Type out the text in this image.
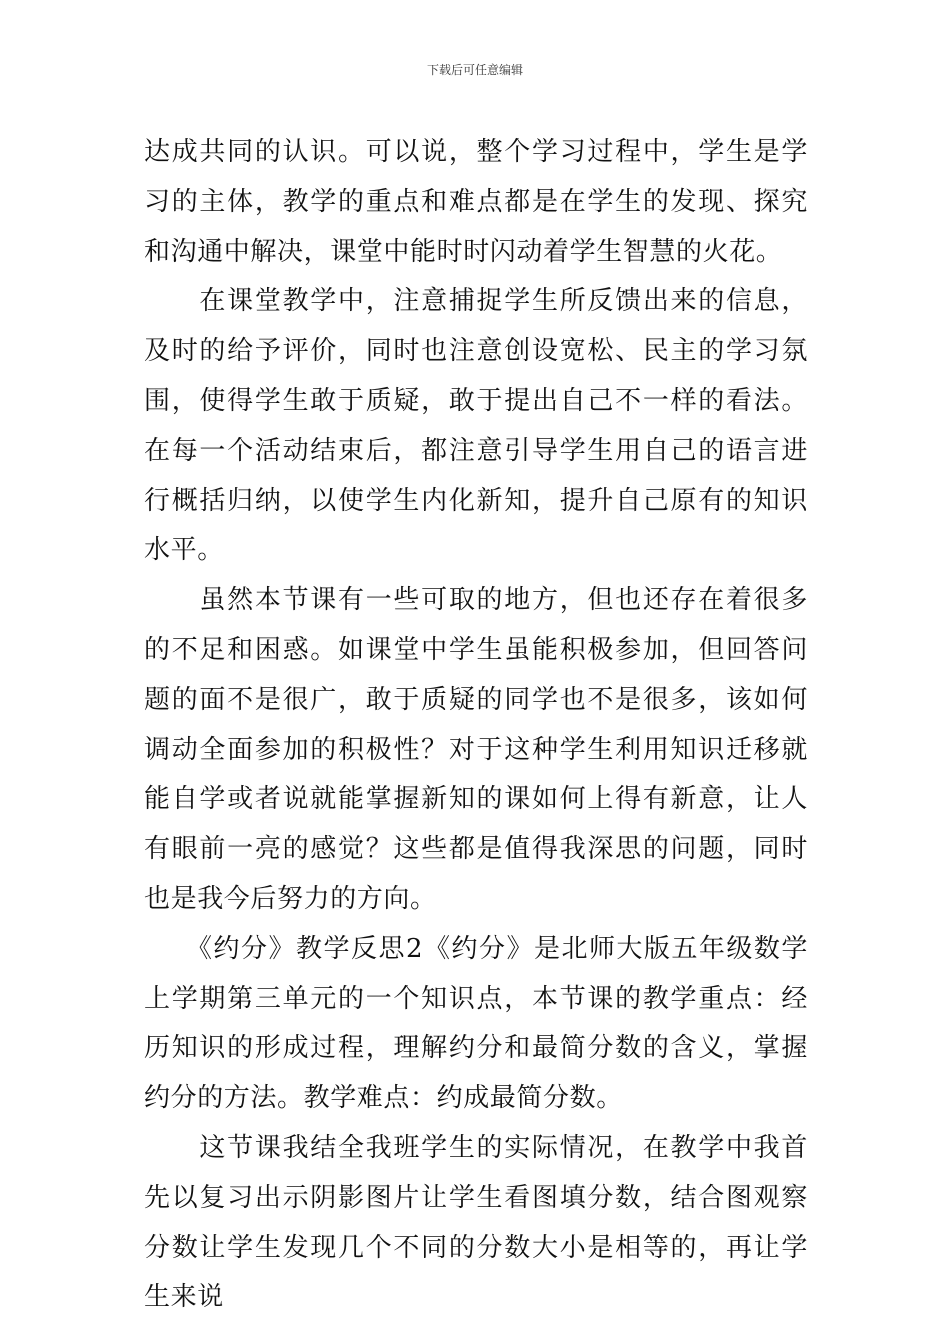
下载后可任意编辑

达成共同的认识。可以说，整个学习过程中，学生是学习的主体，教学的重点和难点都是在学生的发现、探究和沟通中解决，课堂中能时时闪动着学生智慧的火花。

　　在课堂教学中，注意捕捉学生所反馈出来的信息，及时的给予评价，同时也注意创设宽松、民主的学习氛围，使得学生敢于质疑，敢于提出自己不一样的看法。在每一个活动结束后，都注意引导学生用自己的语言进行概括归纳，以使学生内化新知，提升自己原有的知识水平。

　　虽然本节课有一些可取的地方，但也还存在着很多的不足和困惑。如课堂中学生虽能积极参加，但回答问题的面不是很广，敢于质疑的同学也不是很多，该如何调动全面参加的积极性？对于这种学生利用知识迁移就能自学或者说就能掌握新知的课如何上得有新意，让人有眼前一亮的感觉？这些都是值得我深思的问题，同时也是我今后努力的方向。

　　《约分》教学反思2《约分》是北师大版五年级数学上学期第三单元的一个知识点，本节课的教学重点：经历知识的形成过程，理解约分和最简分数的含义，掌握约分的方法。教学难点：约成最简分数。

　　这节课我结全我班学生的实际情况，在教学中我首先以复习出示阴影图片让学生看图填分数，结合图观察分数让学生发现几个不同的分数大小是相等的，再让学生来说
